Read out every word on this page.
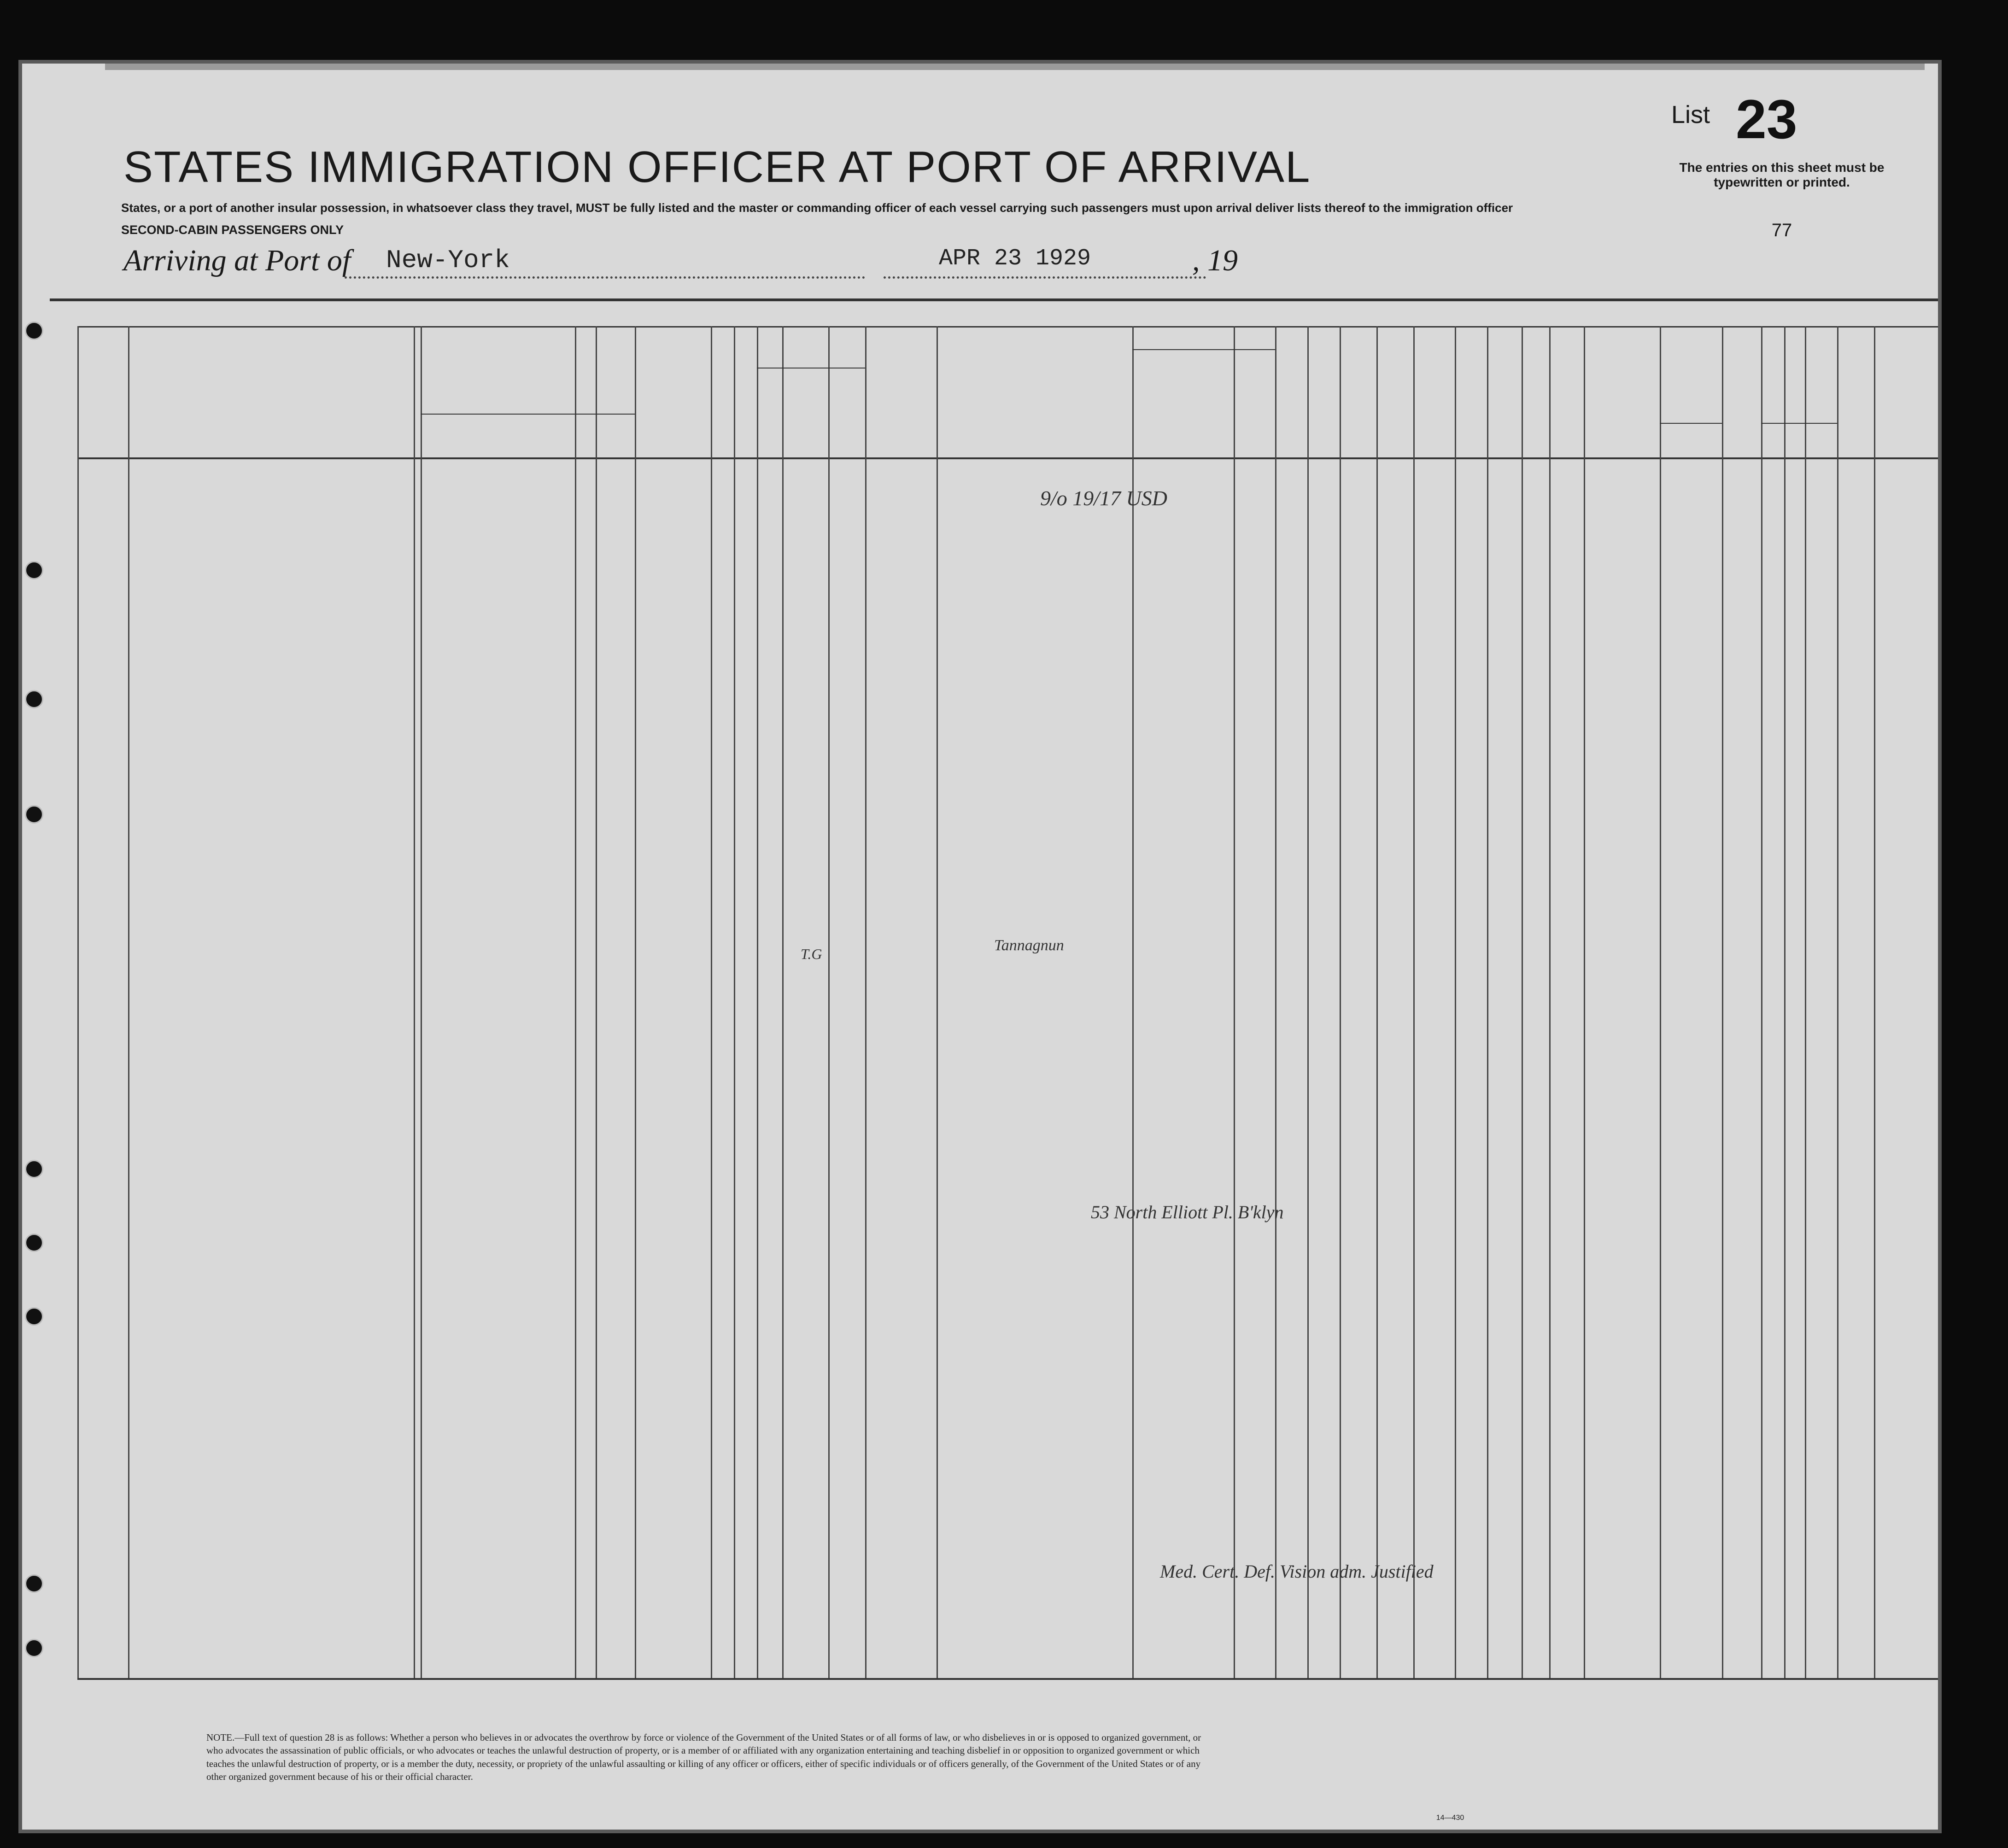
STATES IMMIGRATION OFFICER AT PORT OF ARRIVAL
States, or a port of another insular possession, in whatsoever class they travel, MUST be fully listed and the master or commanding officer of each vessel carrying such passengers must upon arrival deliver lists thereof to the immigration officer
SECOND-CABIN PASSENGERS ONLY
Arriving at Port of New-York	APR 23 1929	, 19
List 23
The entries on this sheet must be typewritten or printed.
77
NOTE.—Full text of question 28 is as follows: Whether a person who believes in or advocates the overthrow by force or violence of the Government of the United States or of all forms of law, or who disbelieves in or is opposed to organized government, or who advocates the assassination of public officials, or who advocates or teaches the unlawful destruction of property, or is a member of or affiliated with any organization entertaining and teaching disbelief in or opposition to organized government or which teaches the unlawful destruction of property, or is a member the duty, necessity, or propriety of the unlawful assaulting or killing of any officer or officers, either of specific individuals or of officers generally, of the Government of the United States or of any other organized government because of his or their official character.
14—430
9/o 19/17 USD
Tannagnun
T.G
53 North Elliott Pl. B'klyn
Med. Cert. Def. Vision adm. Justified
